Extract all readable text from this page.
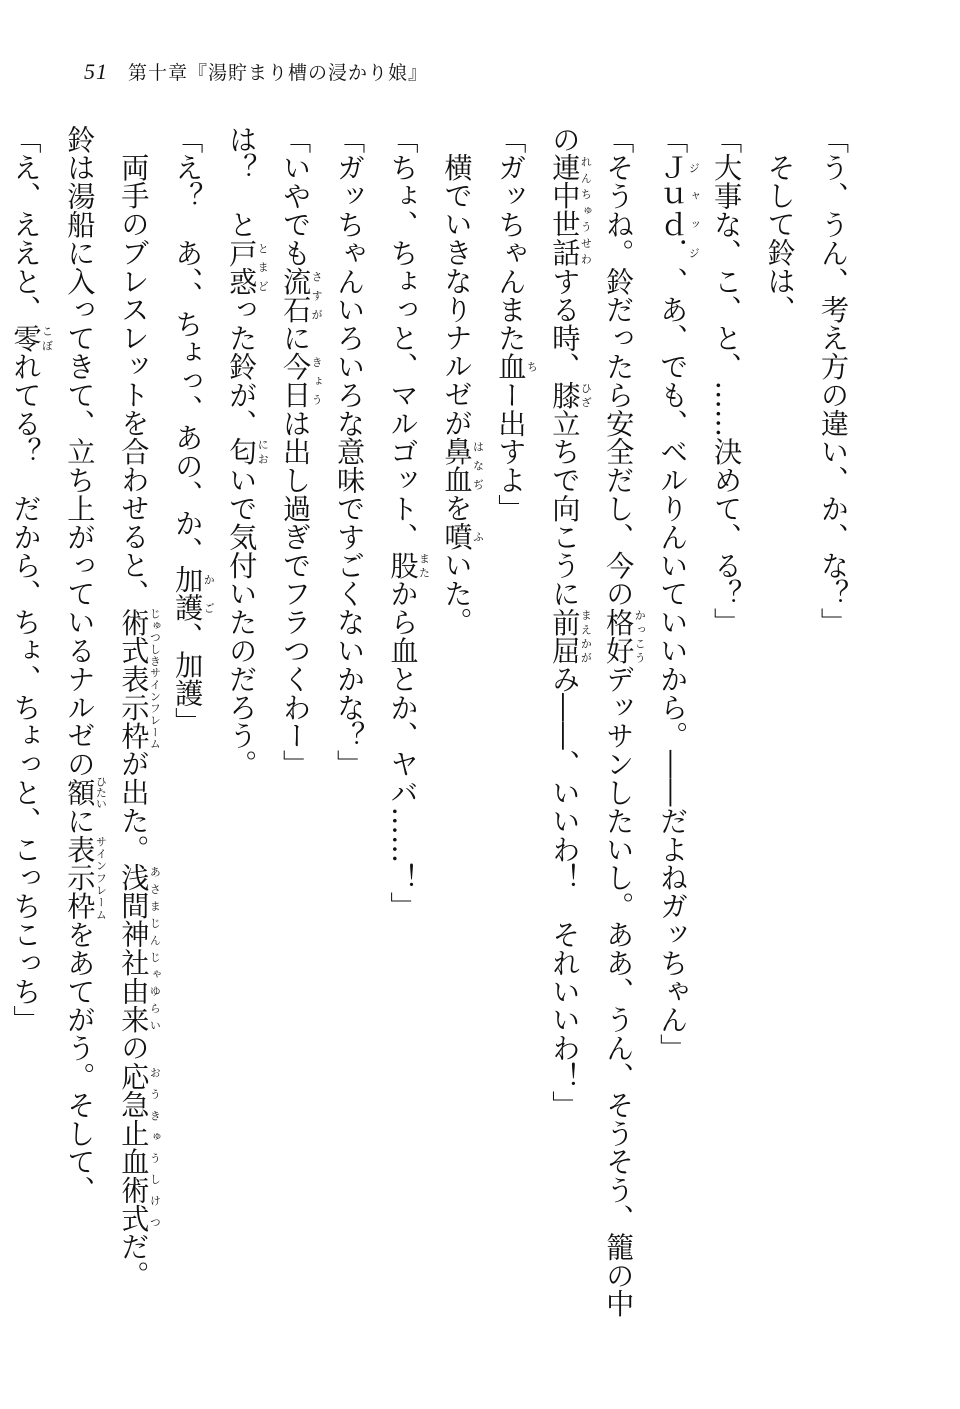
51 第十章『湯貯まり槽の浸かり娘』

「う、うん、考え方の違い、か、な？」

そして鈴は、

「大事な、こ、と、……決めて、る？」

「Ｊｕｄ．ジャッジ、あ、でも、ベルりんいていいから。――だよねガッちゃん」

「そうね。鈴だったら安全だし、今の格好かっこうデッサンしたいし。ああ、うん、そうそう、籠の中

の連中世話れんちゅうせわする時、膝ひざ立ちで向こうに前屈まえかがみ――、いいわ！　それいいわ！」

「ガッちゃんまた血ちー出すよ」

横でいきなりナルゼが鼻血はなぢを噴ふいた。

「ちょ、ちょっと、マルゴット、股またから血とか、ヤバ……！」

「ガッちゃんいろいろな意味ですごくないかな？」

「いやでも流石さすがに今日きょうは出し過ぎでフラつくわー」

は？　と戸惑とまどった鈴が、匂においで気付いたのだろう。

「え？　あ、、ちょっ、あの、か、加護かご、加護」

両手のブレスレットを合わせると、術式表示枠じゅつしきサインフレームが出た。浅間神社由来あさまじんじゃゆらいの応急止血術式おうきゅうしけつだ。

鈴は湯船に入ってきて、立ち上がっているナルゼの額ひたいに表示枠サインフレームをあてがう。そして、

「え、ええと、零こぼれてる？　だから、ちょ、ちょっと、こっちこっち」
